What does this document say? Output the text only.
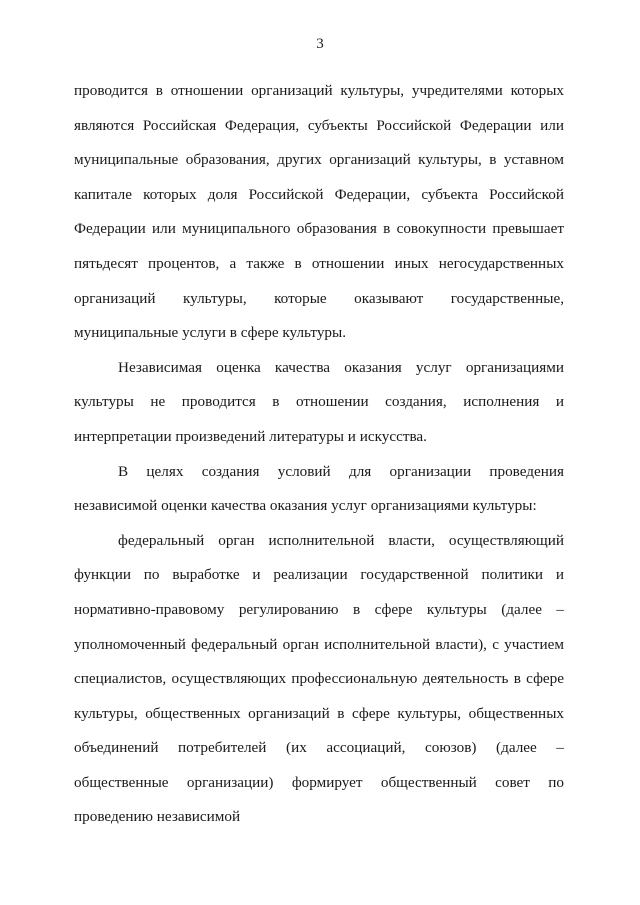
3

проводится в отношении организаций культуры, учредителями которых являются Российская Федерация, субъекты Российской Федерации или муниципальные образования, других организаций культуры, в уставном капитале которых доля Российской Федерации, субъекта Российской Федерации или муниципального образования в совокупности превышает пятьдесят процентов, а также в отношении иных негосударственных организаций культуры, которые оказывают государственные, муниципальные услуги в сфере культуры.

Независимая оценка качества оказания услуг организациями культуры не проводится в отношении создания, исполнения и интерпретации произведений литературы и искусства.

В целях создания условий для организации проведения независимой оценки качества оказания услуг организациями культуры:

федеральный орган исполнительной власти, осуществляющий функции по выработке и реализации государственной политики и нормативно-правовому регулированию в сфере культуры (далее – уполномоченный федеральный орган исполнительной власти), с участием специалистов, осуществляющих профессиональную деятельность в сфере культуры, общественных организаций в сфере культуры, общественных объединений потребителей (их ассоциаций, союзов) (далее – общественные организации) формирует общественный совет по проведению независимой
